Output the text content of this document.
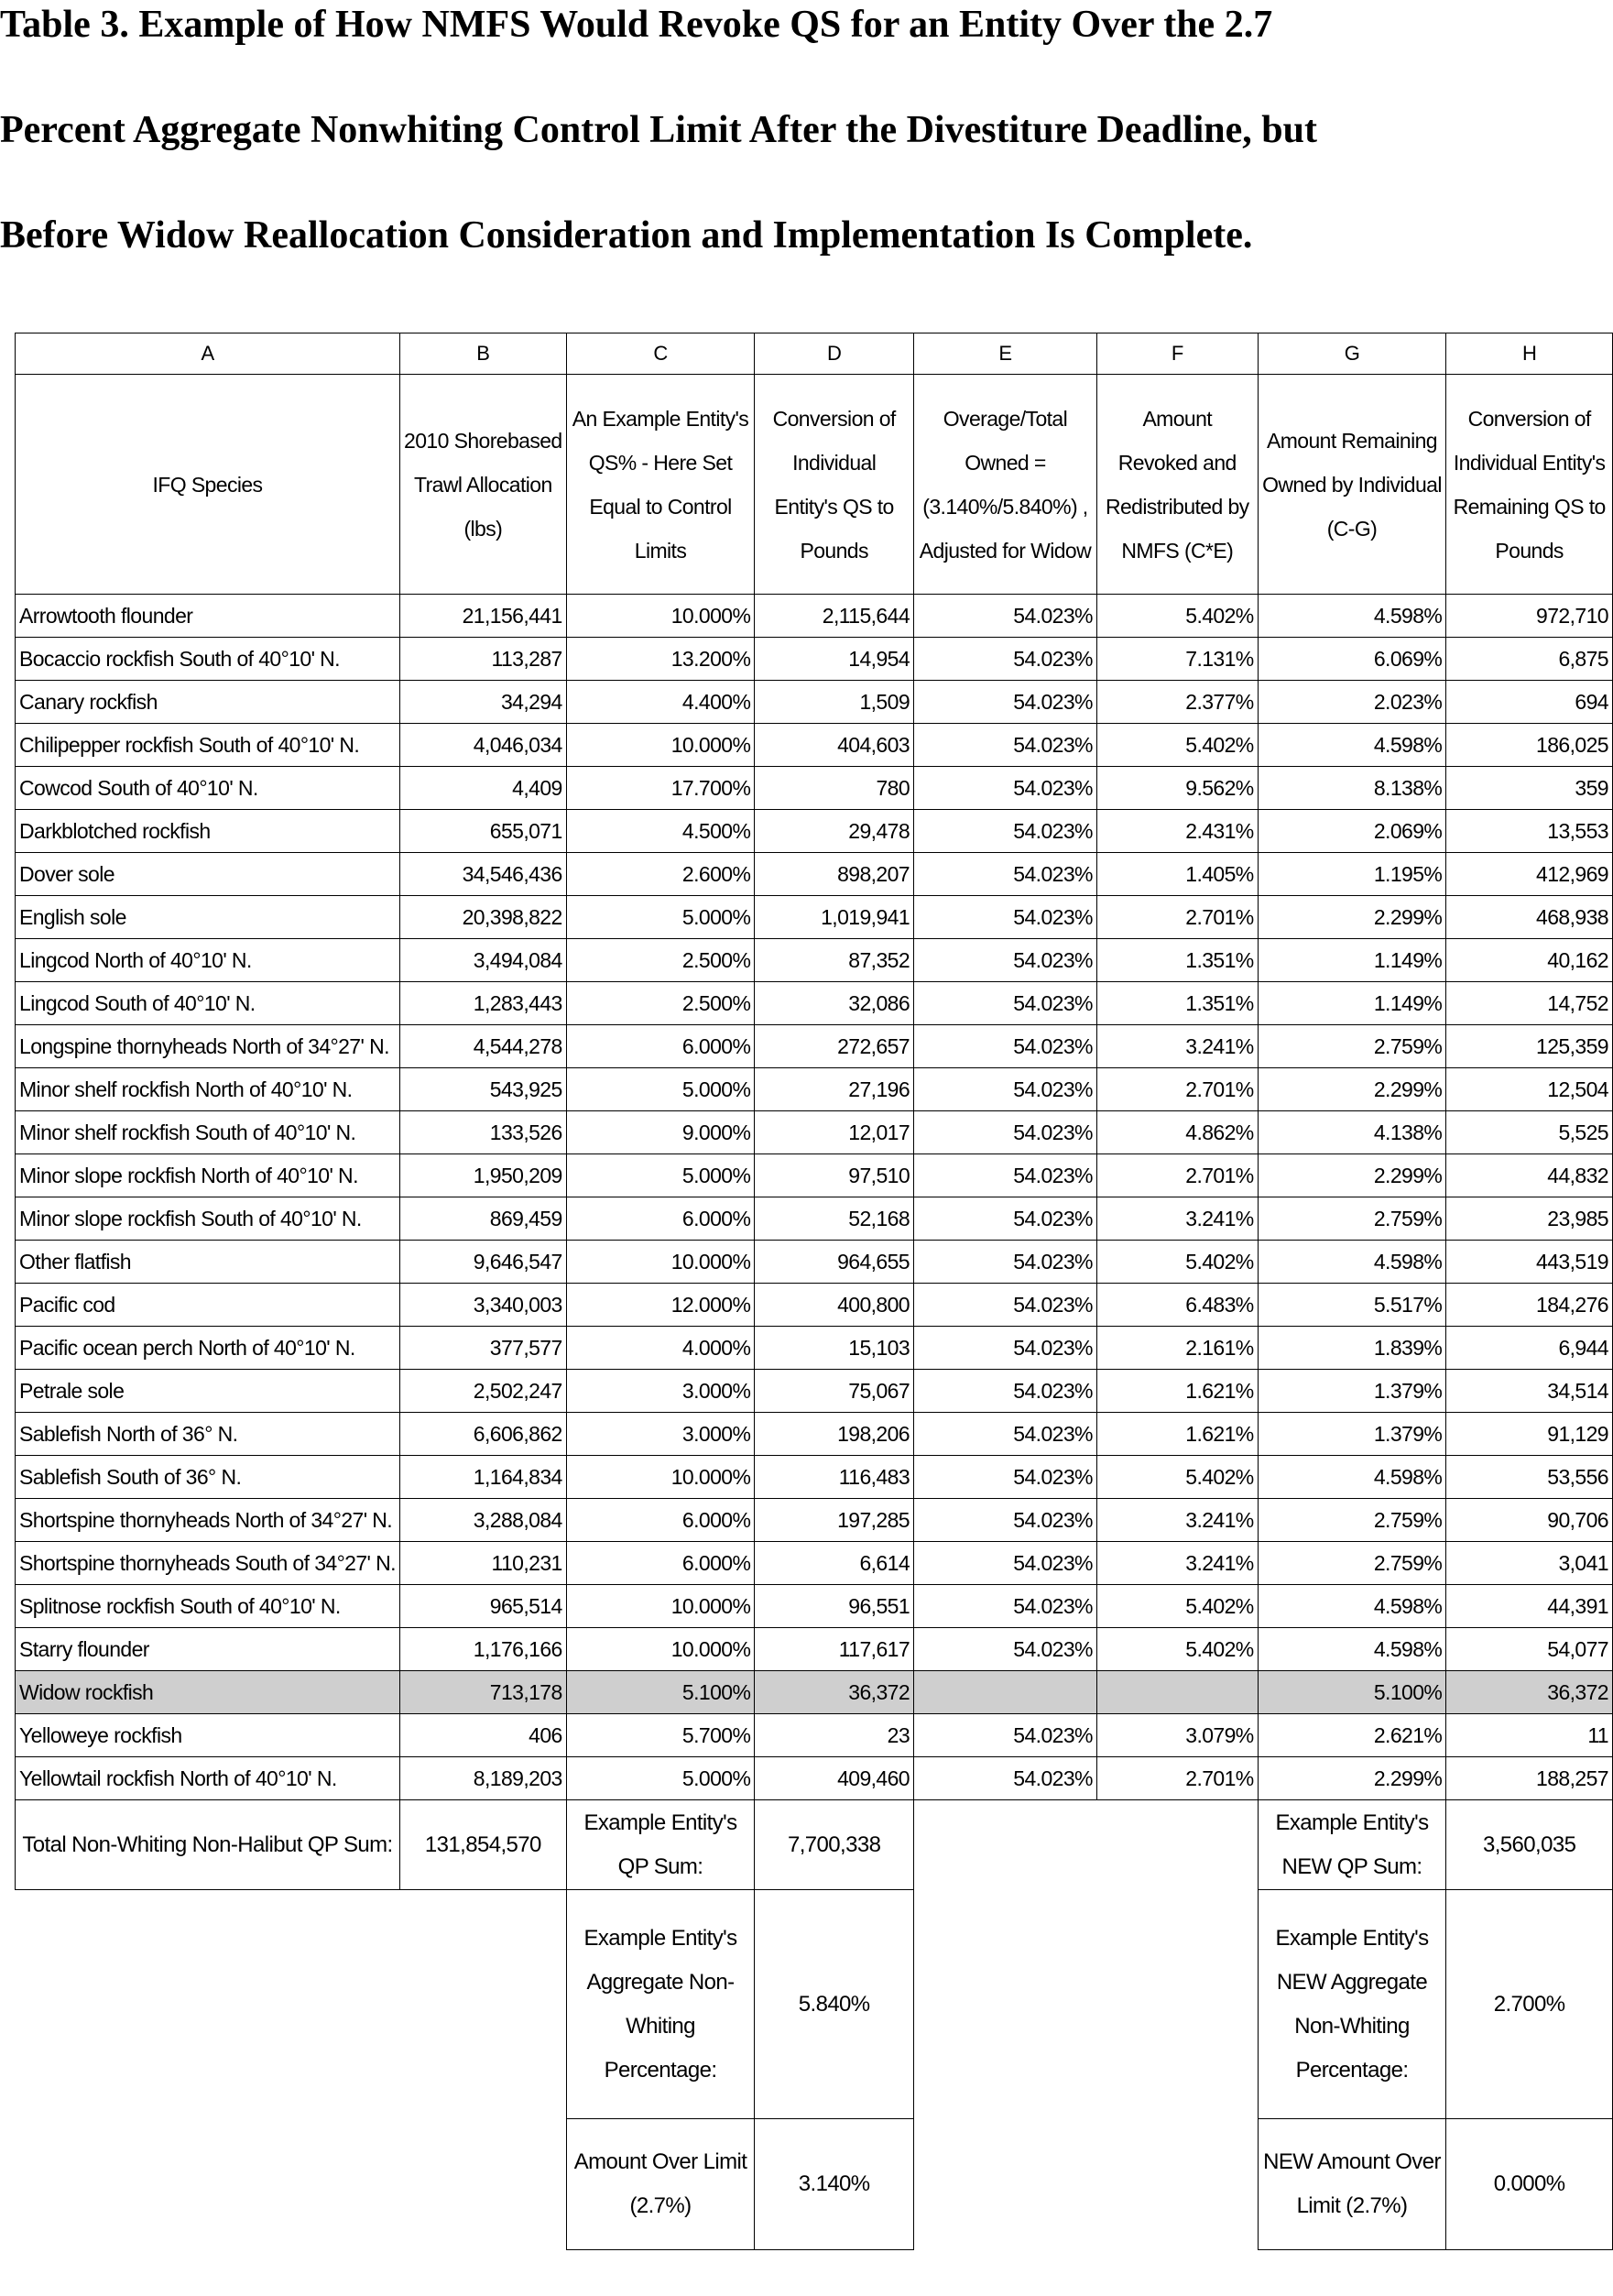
Table 3. Example of How NMFS Would Revoke QS for an Entity Over the 2.7
Percent Aggregate Nonwhiting Control Limit After the Divestiture Deadline, but
Before Widow Reallocation Consideration and Implementation Is Complete.
A	B	C	D	E	F	G	H
IFQ Species	2010 Shorebased Trawl Allocation (lbs)	An Example Entity's QS% - Here Set Equal to Control Limits	Conversion of Individual Entity's QS to Pounds	Overage/Total Owned = (3.140%/5.840%) , Adjusted for Widow	Amount Revoked and Redistributed by NMFS (C*E)	Amount Remaining Owned by Individual (C-G)	Conversion of Individual Entity's Remaining QS to Pounds
Arrowtooth flounder	21,156,441	10.000%	2,115,644	54.023%	5.402%	4.598%	972,710
Bocaccio rockfish South of 40°10' N.	113,287	13.200%	14,954	54.023%	7.131%	6.069%	6,875
Canary rockfish	34,294	4.400%	1,509	54.023%	2.377%	2.023%	694
Chilipepper rockfish South of 40°10' N.	4,046,034	10.000%	404,603	54.023%	5.402%	4.598%	186,025
Cowcod South of 40°10' N.	4,409	17.700%	780	54.023%	9.562%	8.138%	359
Darkblotched rockfish	655,071	4.500%	29,478	54.023%	2.431%	2.069%	13,553
Dover sole	34,546,436	2.600%	898,207	54.023%	1.405%	1.195%	412,969
English sole	20,398,822	5.000%	1,019,941	54.023%	2.701%	2.299%	468,938
Lingcod North of 40°10' N.	3,494,084	2.500%	87,352	54.023%	1.351%	1.149%	40,162
Lingcod South of 40°10' N.	1,283,443	2.500%	32,086	54.023%	1.351%	1.149%	14,752
Longspine thornyheads North of 34°27' N.	4,544,278	6.000%	272,657	54.023%	3.241%	2.759%	125,359
Minor shelf rockfish North of 40°10' N.	543,925	5.000%	27,196	54.023%	2.701%	2.299%	12,504
Minor shelf rockfish South of 40°10' N.	133,526	9.000%	12,017	54.023%	4.862%	4.138%	5,525
Minor slope rockfish North of 40°10' N.	1,950,209	5.000%	97,510	54.023%	2.701%	2.299%	44,832
Minor slope rockfish South of 40°10' N.	869,459	6.000%	52,168	54.023%	3.241%	2.759%	23,985
Other flatfish	9,646,547	10.000%	964,655	54.023%	5.402%	4.598%	443,519
Pacific cod	3,340,003	12.000%	400,800	54.023%	6.483%	5.517%	184,276
Pacific ocean perch North of 40°10' N.	377,577	4.000%	15,103	54.023%	2.161%	1.839%	6,944
Petrale sole	2,502,247	3.000%	75,067	54.023%	1.621%	1.379%	34,514
Sablefish North of 36° N.	6,606,862	3.000%	198,206	54.023%	1.621%	1.379%	91,129
Sablefish South of 36° N.	1,164,834	10.000%	116,483	54.023%	5.402%	4.598%	53,556
Shortspine thornyheads North of 34°27' N.	3,288,084	6.000%	197,285	54.023%	3.241%	2.759%	90,706
Shortspine thornyheads South of 34°27' N.	110,231	6.000%	6,614	54.023%	3.241%	2.759%	3,041
Splitnose rockfish South of 40°10' N.	965,514	10.000%	96,551	54.023%	5.402%	4.598%	44,391
Starry flounder	1,176,166	10.000%	117,617	54.023%	5.402%	4.598%	54,077
Widow rockfish	713,178	5.100%	36,372			5.100%	36,372
Yelloweye rockfish	406	5.700%	23	54.023%	3.079%	2.621%	11
Yellowtail rockfish North of 40°10' N.	8,189,203	5.000%	409,460	54.023%	2.701%	2.299%	188,257
Total Non-Whiting Non-Halibut QP Sum:	131,854,570	Example Entity's QP Sum:	7,700,338			Example Entity's NEW QP Sum:	3,560,035
		Example Entity's Aggregate Non-Whiting Percentage:	5.840%			Example Entity's NEW Aggregate Non-Whiting Percentage:	2.700%
		Amount Over Limit (2.7%)	3.140%			NEW Amount Over Limit (2.7%)	0.000%
